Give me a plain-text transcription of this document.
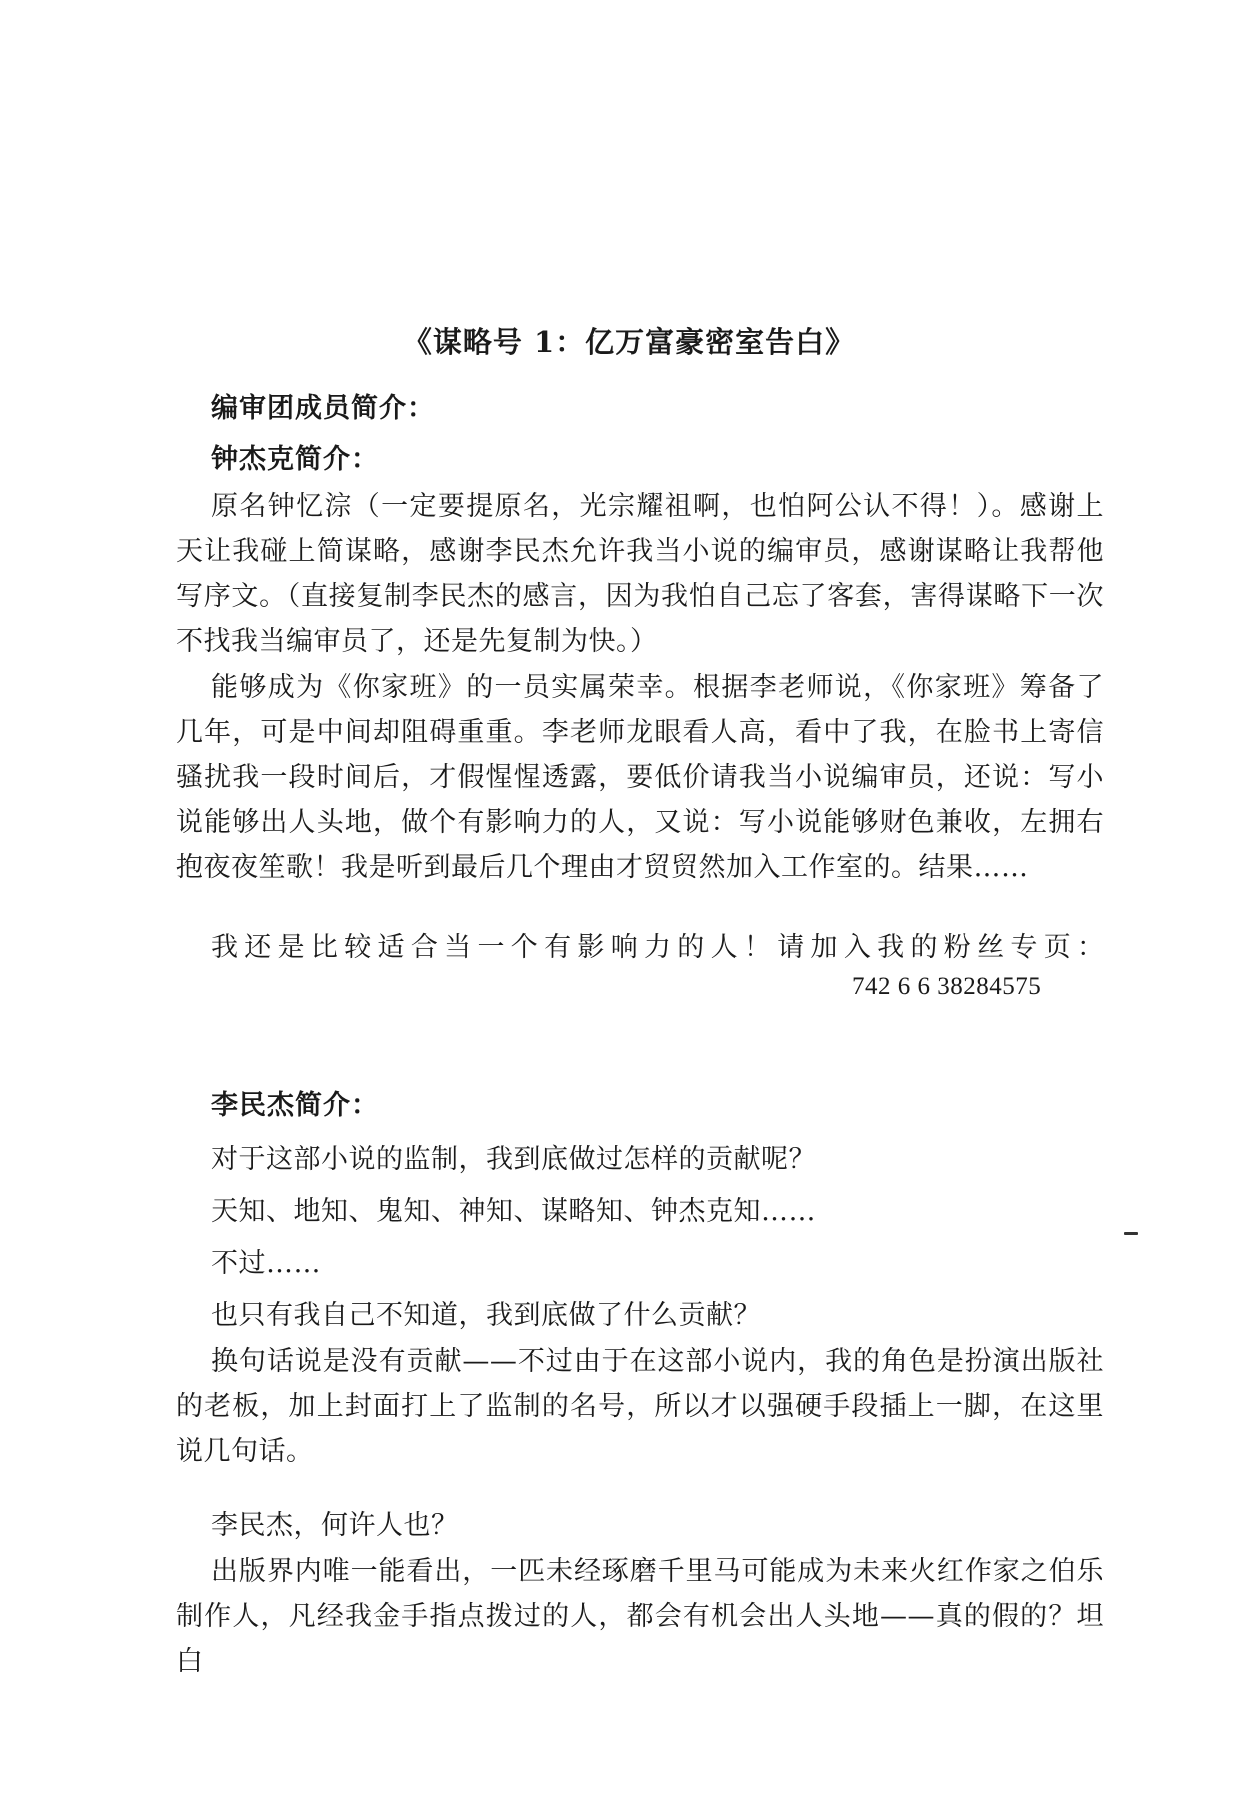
《谋略号 1：亿万富豪密室告白》
编审团成员简介：
钟杰克简介：
原名钟忆淙（一定要提原名，光宗耀祖啊，也怕阿公认不得！）。感谢上天让我碰上简谋略，感谢李民杰允许我当小说的编审员，感谢谋略让我帮他写序文。（直接复制李民杰的感言，因为我怕自己忘了客套，害得谋略下一次不找我当编审员了，还是先复制为快。）
能够成为《你家班》的一员实属荣幸。根据李老师说，《你家班》筹备了几年，可是中间却阻碍重重。李老师龙眼看人高，看中了我，在脸书上寄信骚扰我一段时间后，才假惺惺透露，要低价请我当小说编审员，还说：写小说能够出人头地，做个有影响力的人，又说：写小说能够财色兼收，左拥右抱夜夜笙歌！我是听到最后几个理由才贸贸然加入工作室的。结果……
我还是比较适合当一个有影响力的人！请加入我的粉丝专页：
742 6 6 38284575
李民杰简介：
对于这部小说的监制，我到底做过怎样的贡献呢？
天知、地知、鬼知、神知、谋略知、钟杰克知……
不过……
也只有我自己不知道，我到底做了什么贡献？
换句话说是没有贡献——不过由于在这部小说内，我的角色是扮演出版社的老板，加上封面打上了监制的名号，所以才以强硬手段插上一脚，在这里说几句话。
李民杰，何许人也？
出版界内唯一能看出，一匹未经琢磨千里马可能成为未来火红作家之伯乐制作人，凡经我金手指点拨过的人，都会有机会出人头地——真的假的？坦白
